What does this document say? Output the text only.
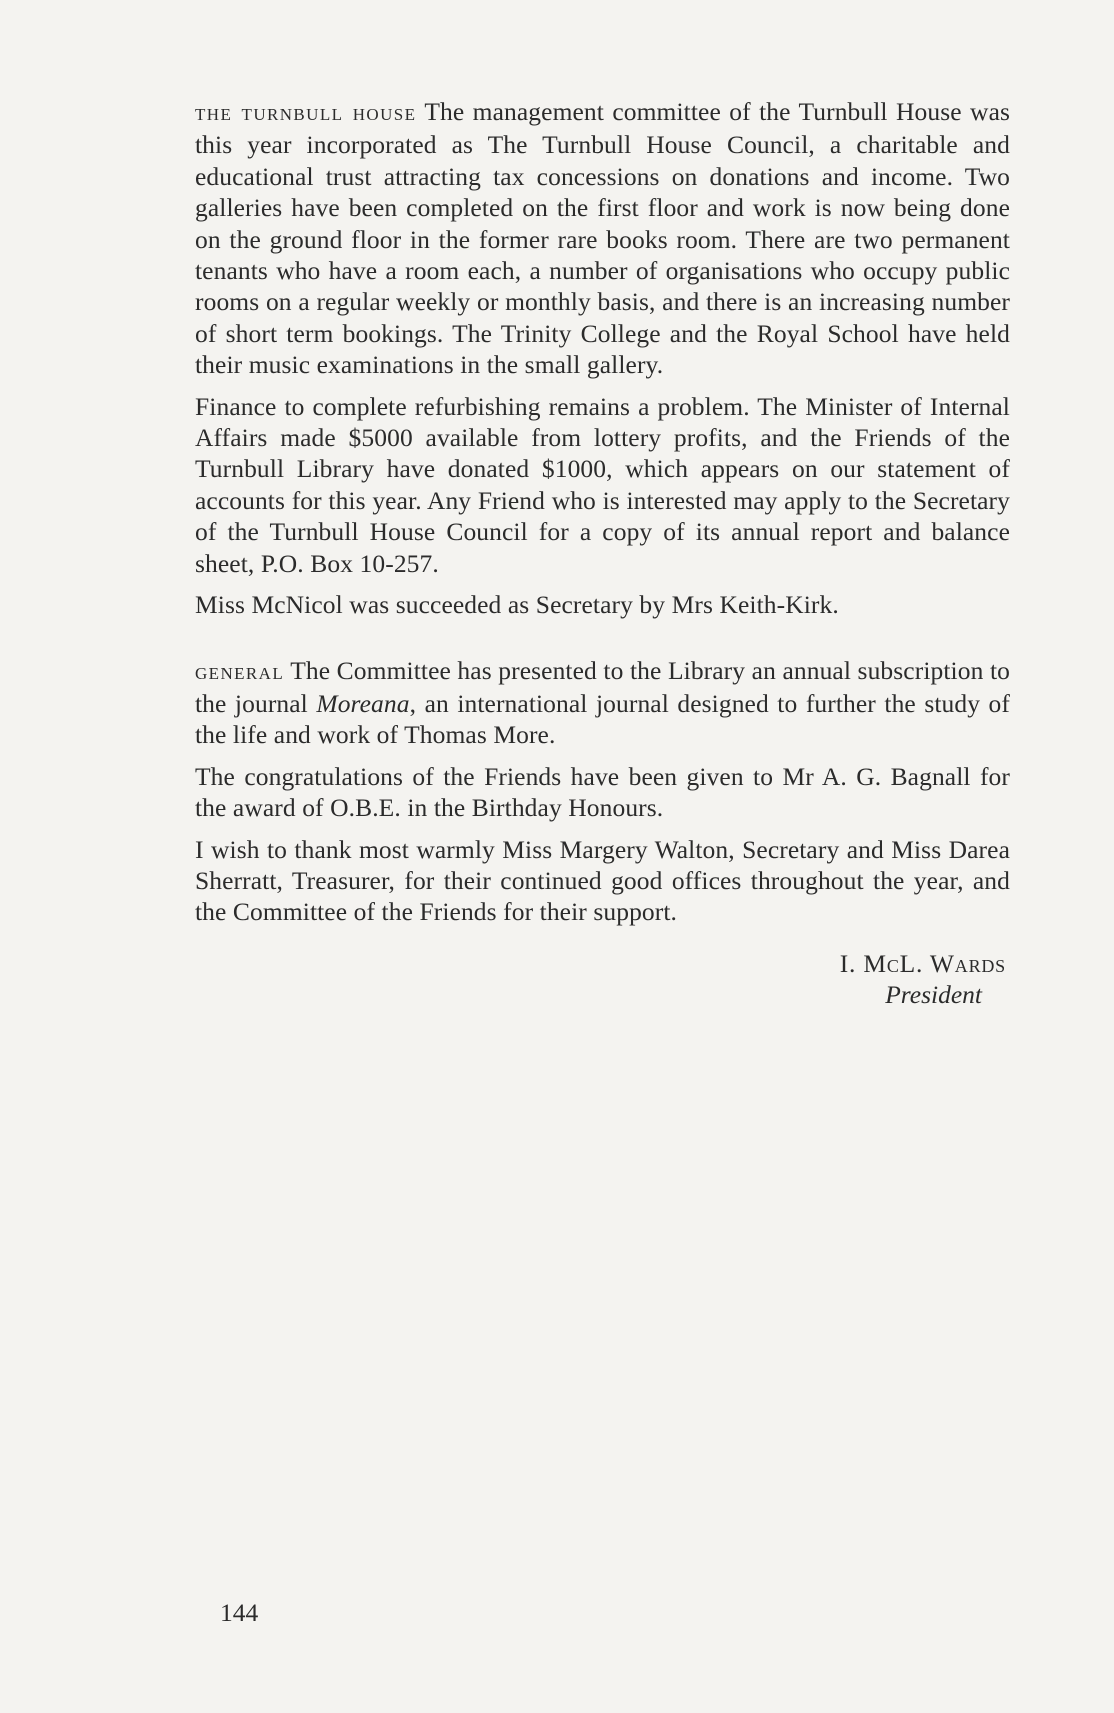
the turnbull house The management committee of the Turnbull House was this year incorporated as The Turnbull House Council, a charitable and educational trust attracting tax concessions on donations and income. Two galleries have been completed on the first floor and work is now being done on the ground floor in the former rare books room. There are two permanent tenants who have a room each, a number of organisations who occupy public rooms on a regular weekly or monthly basis, and there is an increasing number of short term bookings. The Trinity College and the Royal School have held their music examinations in the small gallery.

Finance to complete refurbishing remains a problem. The Minister of Internal Affairs made $5000 available from lottery profits, and the Friends of the Turnbull Library have donated $1000, which appears on our statement of accounts for this year. Any Friend who is interested may apply to the Secretary of the Turnbull House Council for a copy of its annual report and balance sheet, P.O. Box 10-257.

Miss McNicol was succeeded as Secretary by Mrs Keith-Kirk.

general The Committee has presented to the Library an annual subscription to the journal Moreana, an international journal designed to further the study of the life and work of Thomas More.

The congratulations of the Friends have been given to Mr A. G. Bagnall for the award of O.B.E. in the Birthday Honours.

I wish to thank most warmly Miss Margery Walton, Secretary and Miss Darea Sherratt, Treasurer, for their continued good offices throughout the year, and the Committee of the Friends for their support.

I. McL. Wards
President
144
